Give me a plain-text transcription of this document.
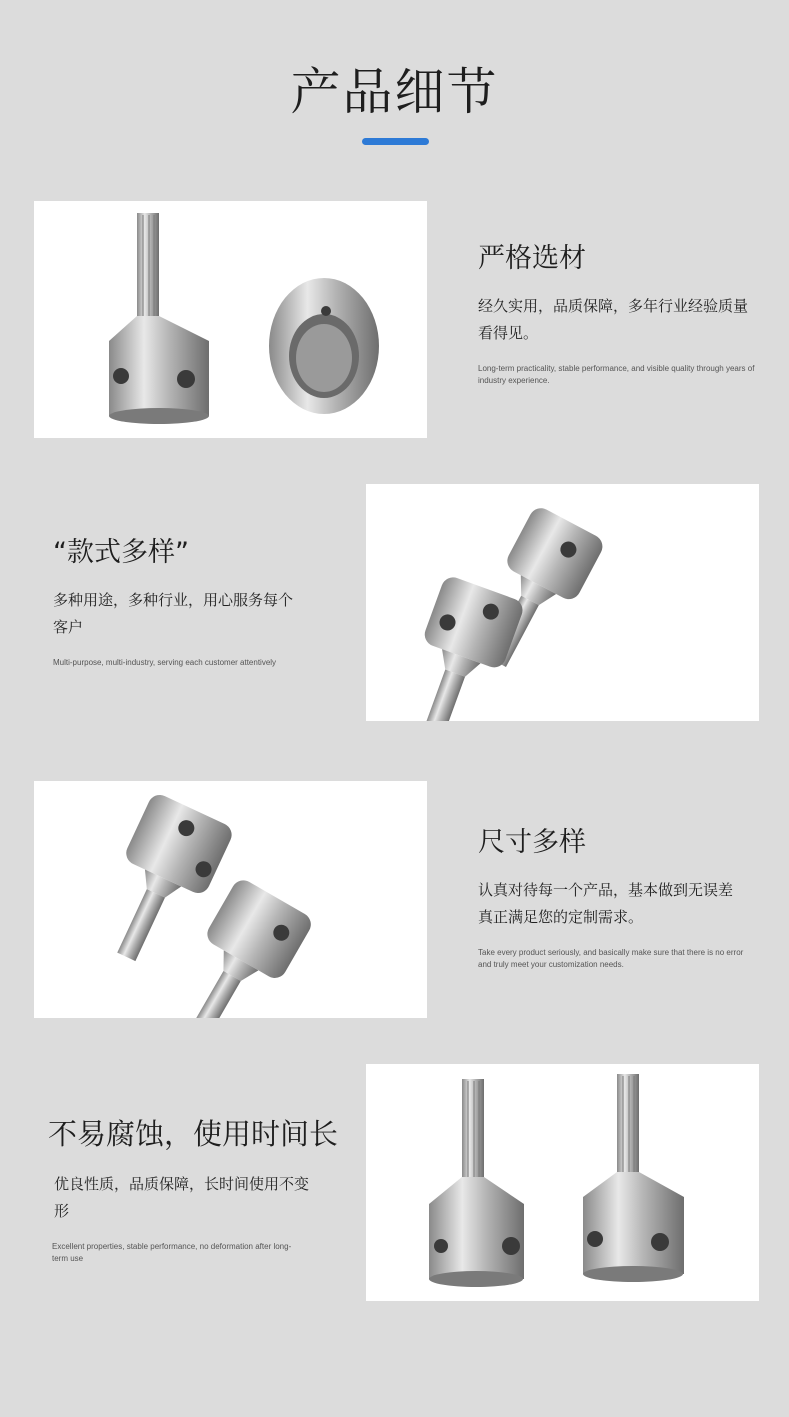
产品细节
严格选材
经久实用，品质保障，多年行业经验质量看得见。
Long-term practicality, stable performance, and visible quality through years of industry experience.
“款式多样”
多种用途，多种行业，用心服务每个客户
Multi-purpose, multi-industry, serving each customer attentively
尺寸多样
认真对待每一个产品，基本做到无误差真正满足您的定制需求。
Take every product seriously, and basically make sure that there is no error and truly meet your customization needs.
不易腐蚀，使用时间长
优良性质，品质保障，长时间使用不变形
Excellent properties, stable performance, no deformation after long-term use
